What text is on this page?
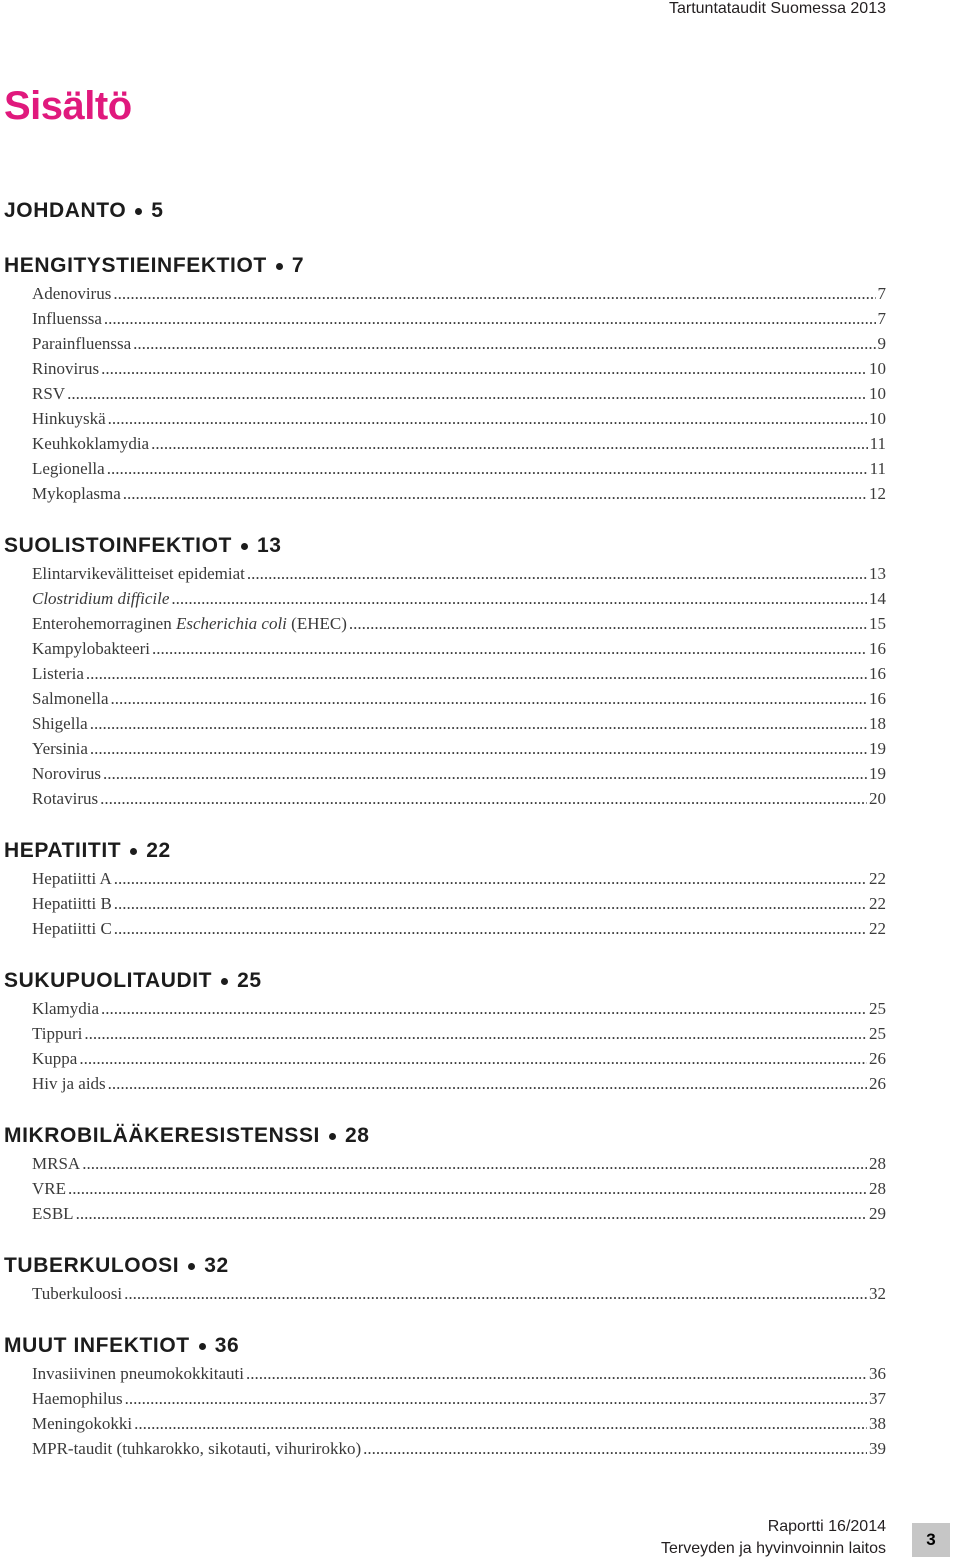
Tartuntataudit Suomessa 2013
Sisältö
JOHDANTO 5
HENGITYSTIEINFEKTIOT 7
Adenovirus .....	7
Influenssa .....	7
Parainfluenssa .....	9
Rinovirus .....	10
RSV .....	10
Hinkuyskä .....	10
Keuhkoklamydia .....	11
Legionella .....	11
Mykoplasma .....	12
SUOLISTOINFEKTIOT 13
Elintarvikevälitteiset epidemiat .....	13
Clostridium difficile .....	14
Enterohemorraginen Escherichia coli (EHEC) .....	15
Kampylobakteeri .....	16
Listeria .....	16
Salmonella .....	16
Shigella .....	18
Yersinia .....	19
Norovirus .....	19
Rotavirus .....	20
HEPATIITIT 22
Hepatiitti A .....	22
Hepatiitti B .....	22
Hepatiitti C .....	22
SUKUPUOLITAUDIT 25
Klamydia .....	25
Tippuri .....	25
Kuppa .....	26
Hiv ja aids .....	26
MIKROBILÄÄKERESISTENSSI 28
MRSA .....	28
VRE .....	28
ESBL .....	29
TUBERKULOOSI 32
Tuberkuloosi .....	32
MUUT INFEKTIOT 36
Invasiivinen pneumokokkitauti .....	36
Haemophilus .....	37
Meningokokki .....	38
MPR-taudit (tuhkarokko, sikotauti, vihurirokko) .....	39
Raportti 16/2014
Terveyden ja hyvinvoinnin laitos	3
